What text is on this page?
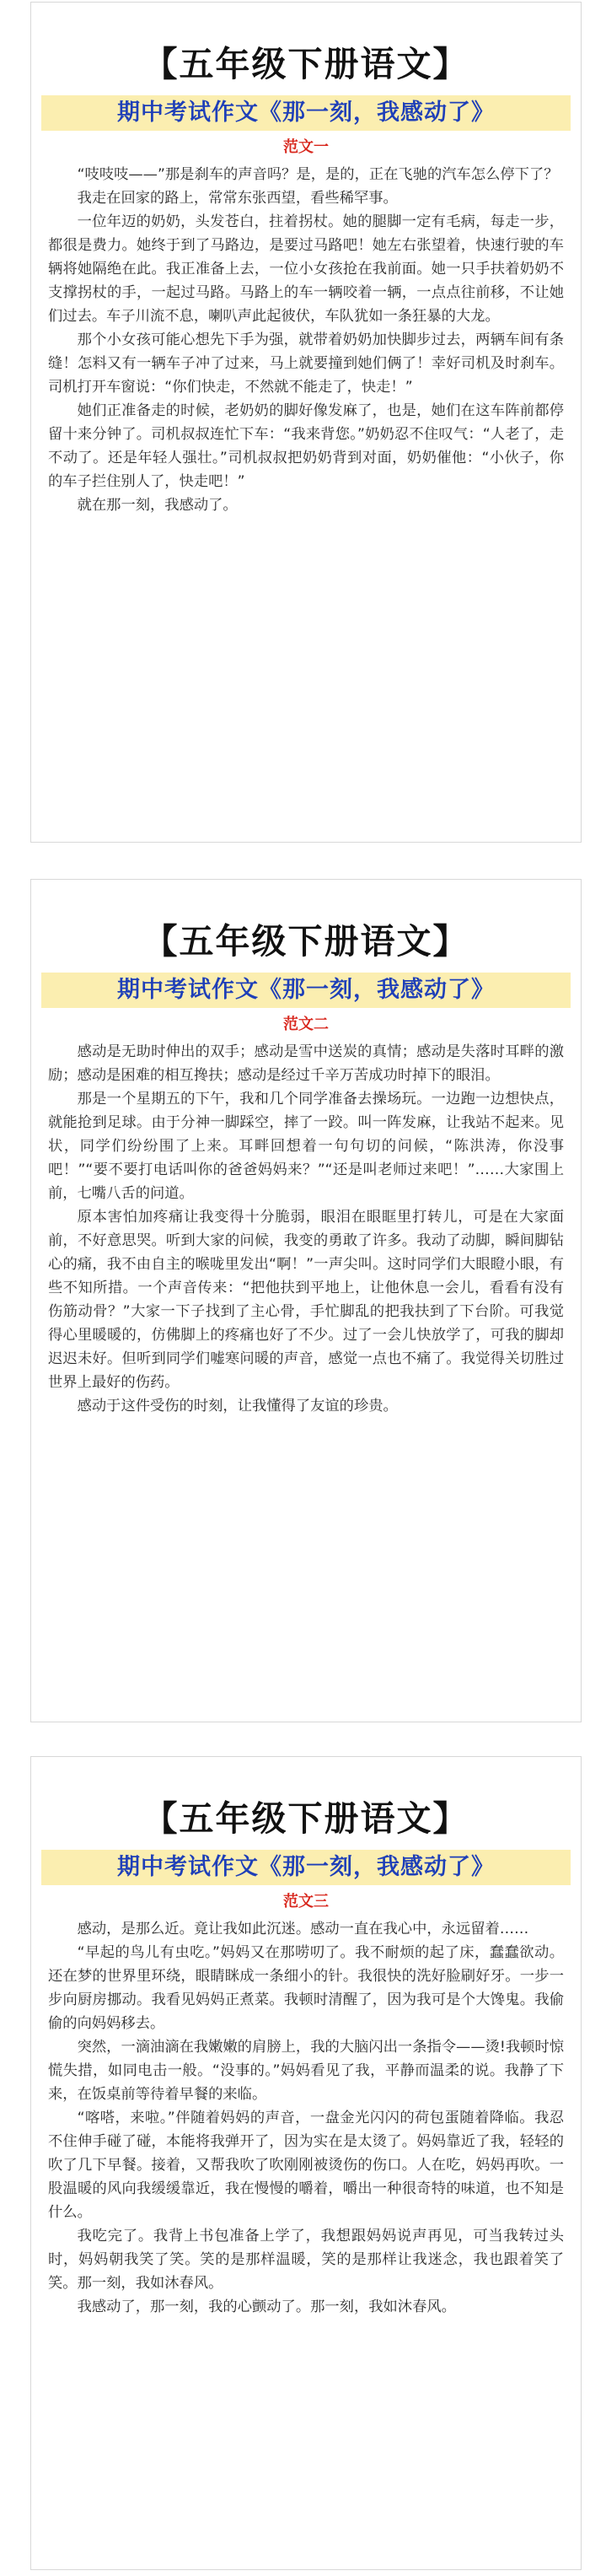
【五年级下册语文】
期中考试作文《那一刻，我感动了》
范文一

“吱吱吱——”那是刹车的声音吗？是，是的，正在飞驰的汽车怎么停下了？

我走在回家的路上，常常东张西望，看些稀罕事。

一位年迈的奶奶，头发苍白，拄着拐杖。她的腿脚一定有毛病，每走一步，都很是费力。她终于到了马路边，是要过马路吧！她左右张望着，快速行驶的车辆将她隔绝在此。我正准备上去，一位小女孩抢在我前面。她一只手扶着奶奶不支撑拐杖的手，一起过马路。马路上的车一辆咬着一辆，一点点往前移，不让她们过去。车子川流不息，喇叭声此起彼伏，车队犹如一条狂暴的大龙。

那个小女孩可能心想先下手为强，就带着奶奶加快脚步过去，两辆车间有条缝！怎料又有一辆车子冲了过来，马上就要撞到她们俩了！幸好司机及时刹车。司机打开车窗说：“你们快走，不然就不能走了，快走！”

她们正准备走的时候，老奶奶的脚好像发麻了，也是，她们在这车阵前都停留十来分钟了。司机叔叔连忙下车：“我来背您。”奶奶忍不住叹气：“人老了，走不动了。还是年轻人强壮。”司机叔叔把奶奶背到对面，奶奶催他：“小伙子，你的车子拦住别人了，快走吧！”

就在那一刻，我感动了。

【五年级下册语文】
期中考试作文《那一刻，我感动了》
范文二

感动是无助时伸出的双手；感动是雪中送炭的真情；感动是失落时耳畔的激励；感动是困难的相互搀扶；感动是经过千辛万苦成功时掉下的眼泪。

那是一个星期五的下午，我和几个同学准备去操场玩。一边跑一边想快点，就能抢到足球。由于分神一脚踩空，摔了一跤。叫一阵发麻，让我站不起来。见状，同学们纷纷围了上来。耳畔回想着一句句切的问候，“陈洪涛，你没事吧！”“要不要打电话叫你的爸爸妈妈来？”“还是叫老师过来吧！”……大家围上前，七嘴八舌的问道。

原本害怕加疼痛让我变得十分脆弱，眼泪在眼眶里打转儿，可是在大家面前，不好意思哭。听到大家的问候，我变的勇敢了许多。我动了动脚，瞬间脚钻心的痛，我不由自主的喉咙里发出“啊！”一声尖叫。这时同学们大眼瞪小眼，有些不知所措。一个声音传来：“把他扶到平地上，让他休息一会儿，看看有没有伤筋动骨？”大家一下子找到了主心骨，手忙脚乱的把我扶到了下台阶。可我觉得心里暖暖的，仿佛脚上的疼痛也好了不少。过了一会儿快放学了，可我的脚却迟迟未好。但听到同学们嘘寒问暖的声音，感觉一点也不痛了。我觉得关切胜过世界上最好的伤药。

感动于这件受伤的时刻，让我懂得了友谊的珍贵。

【五年级下册语文】
期中考试作文《那一刻，我感动了》
范文三

感动，是那么近。竟让我如此沉迷。感动一直在我心中，永远留着……

“早起的鸟儿有虫吃。”妈妈又在那唠叨了。我不耐烦的起了床，蠢蠢欲动。还在梦的世界里环绕，眼睛眯成一条细小的针。我很快的洗好脸刷好牙。一步一步向厨房挪动。我看见妈妈正煮菜。我顿时清醒了，因为我可是个大馋鬼。我偷偷的向妈妈移去。

突然，一滴油滴在我嫩嫩的肩膀上，我的大脑闪出一条指令——烫!我顿时惊慌失措，如同电击一般。“没事的。”妈妈看见了我，平静而温柔的说。我静了下来，在饭桌前等待着早餐的来临。

“喀嗒，来啦。”伴随着妈妈的声音，一盘金光闪闪的荷包蛋随着降临。我忍不住伸手碰了碰，本能将我弹开了，因为实在是太烫了。妈妈靠近了我，轻轻的吹了几下早餐。接着，又帮我吹了吹刚刚被烫伤的伤口。人在吃，妈妈再吹。一股温暖的风向我缓缓靠近，我在慢慢的嚼着，嚼出一种很奇特的味道，也不知是什么。

我吃完了。我背上书包准备上学了，我想跟妈妈说声再见，可当我转过头时，妈妈朝我笑了笑。笑的是那样温暖，笑的是那样让我迷念，我也跟着笑了笑。那一刻，我如沐春风。

我感动了，那一刻，我的心颤动了。那一刻，我如沐春风。
